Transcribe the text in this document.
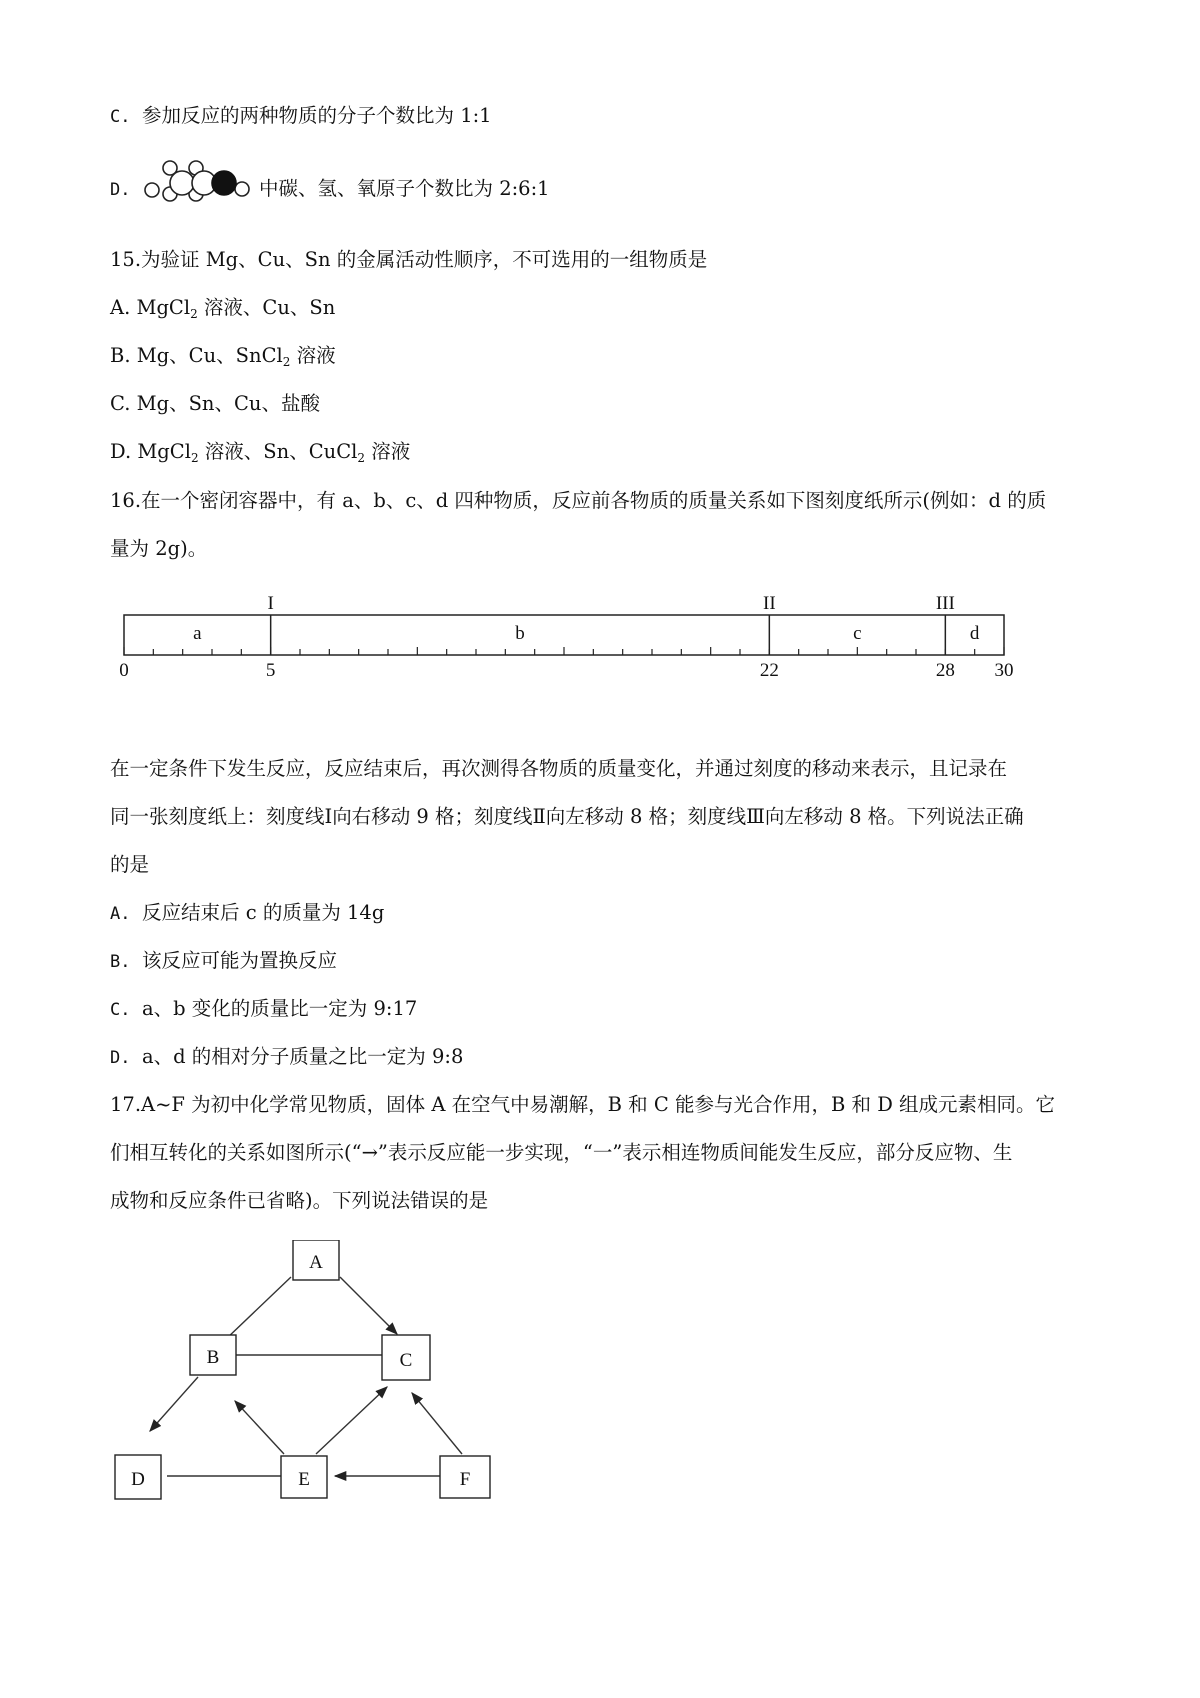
C. 参加反应的两种物质的分子个数比为 1:1
D.	中碳、氢、氧原子个数比为 2:6:1
15.为验证 Mg、Cu、Sn 的金属活动性顺序，不可选用的一组物质是
A. MgCl$_2$ 溶液、Cu、Sn
B. Mg、Cu、SnCl$_2$ 溶液
C. Mg、Sn、Cu、盐酸
D. MgCl$_2$ 溶液、Sn、CuCl$_2$ 溶液
16.在一个密闭容器中，有 a、b、c、d 四种物质，反应前各物质的质量关系如下图刻度纸所示(例如：d 的质
量为 2g)。
I	II	III
a	b	c	d
0	5	22	28 30
在一定条件下发生反应，反应结束后，再次测得各物质的质量变化，并通过刻度的移动来表示，且记录在
同一张刻度纸上：刻度线Ⅰ向右移动 9 格；刻度线Ⅱ向左移动 8 格；刻度线Ⅲ向左移动 8 格。下列说法正确
的是
A. 反应结束后 c 的质量为 14g
B. 该反应可能为置换反应
C. a、b 变化的质量比一定为 9:17
D. a、d 的相对分子质量之比一定为 9:8
17.A~F 为初中化学常见物质，固体 A 在空气中易潮解，B 和 C 能参与光合作用，B 和 D 组成元素相同。它
们相互转化的关系如图所示(“→”表示反应能一步实现，“一”表示相连物质间能发生反应，部分反应物、生
成物和反应条件已省略)。下列说法错误的是
A
B	C
D	E	F
